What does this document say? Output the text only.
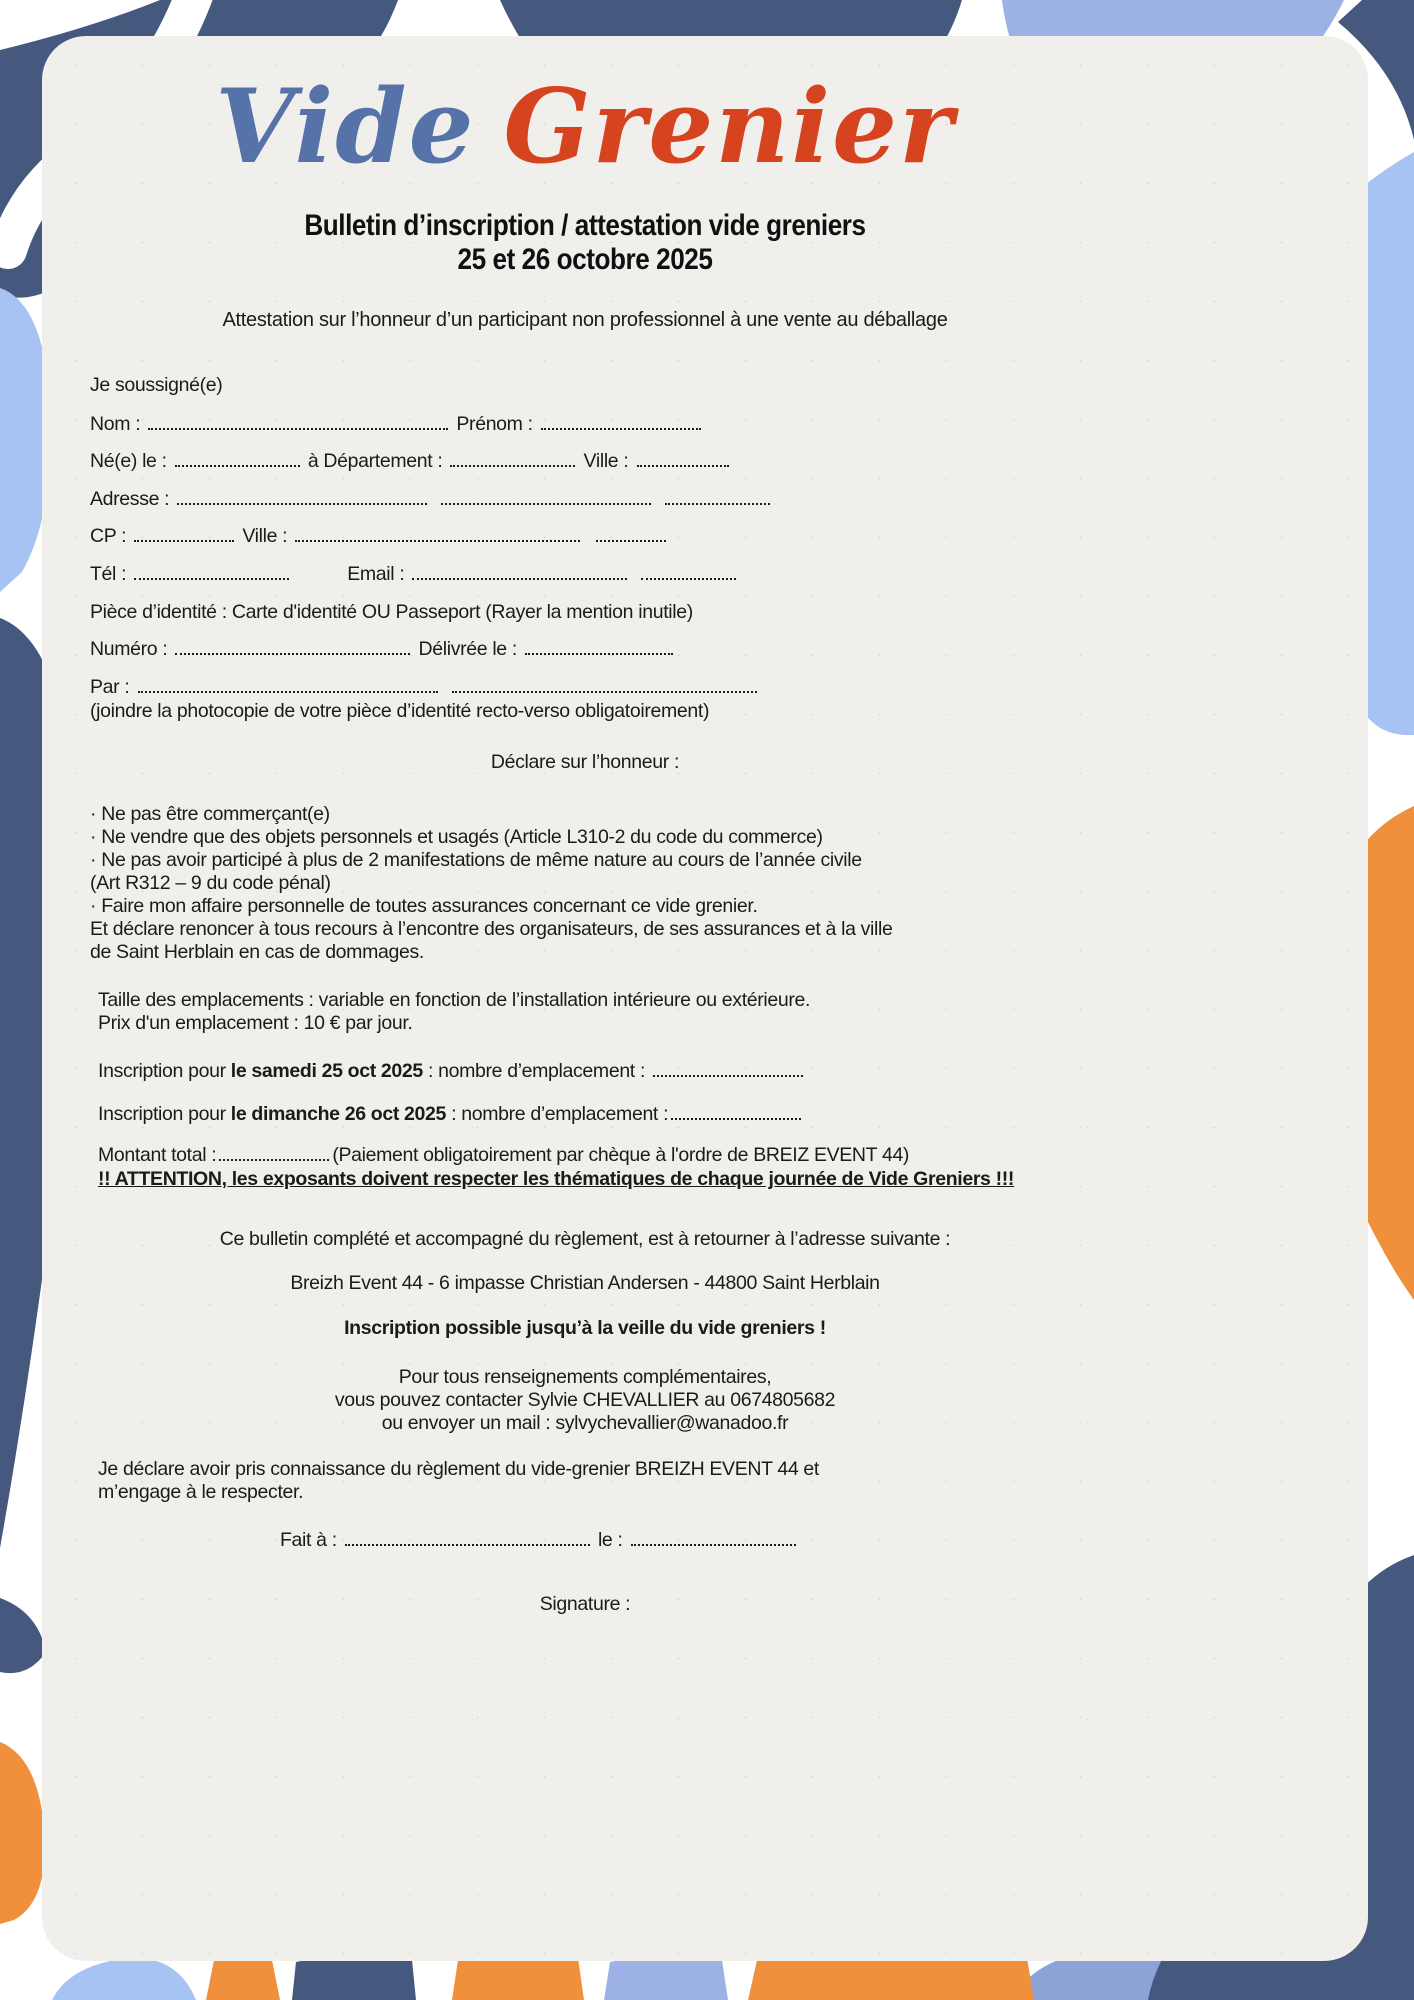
Vide Grenier
Bulletin d’inscription / attestation vide greniers
25 et 26 octobre 2025
Attestation sur l’honneur d’un participant non professionnel à une vente au déballage
Je soussigné(e)
Nom :	Prénom :
Né(e) le :	à Département :	Ville :
Adresse :
CP :	Ville :
Tél :	Email :
Pièce d’identité : Carte d'identité OU Passeport (Rayer la mention inutile)
Numéro :	Délivrée le :
Par :
(joindre la photocopie de votre pièce d’identité recto-verso obligatoirement)
Déclare sur l’honneur :
· Ne pas être commerçant(e)
· Ne vendre que des objets personnels et usagés (Article L310-2 du code du commerce)
· Ne pas avoir participé à plus de 2 manifestations de même nature au cours de l’année civile
(Art R312 – 9 du code pénal)
· Faire mon affaire personnelle de toutes assurances concernant ce vide grenier.
Et déclare renoncer à tous recours à l’encontre des organisateurs, de ses assurances et à la ville
de Saint Herblain en cas de dommages.
Taille des emplacements : variable en fonction de l’installation intérieure ou extérieure.
Prix d'un emplacement : 10 € par jour.
Inscription pour le samedi 25 oct 2025 : nombre d’emplacement :
Inscription pour le dimanche 26 oct 2025 : nombre d’emplacement :
Montant total :	(Paiement obligatoirement par chèque à l'ordre de BREIZ EVENT 44)
!! ATTENTION, les exposants doivent respecter les thématiques de chaque journée de Vide Greniers !!!
Ce bulletin complété et accompagné du règlement, est à retourner à l’adresse suivante :
Breizh Event 44 - 6 impasse Christian Andersen - 44800 Saint Herblain
Inscription possible jusqu’à la veille du vide greniers !
Pour tous renseignements complémentaires,
vous pouvez contacter Sylvie CHEVALLIER au 0674805682
ou envoyer un mail : sylvychevallier@wanadoo.fr
Je déclare avoir pris connaissance du règlement du vide-grenier BREIZH EVENT 44 et
m’engage à le respecter.
Fait à :	le :
Signature :
